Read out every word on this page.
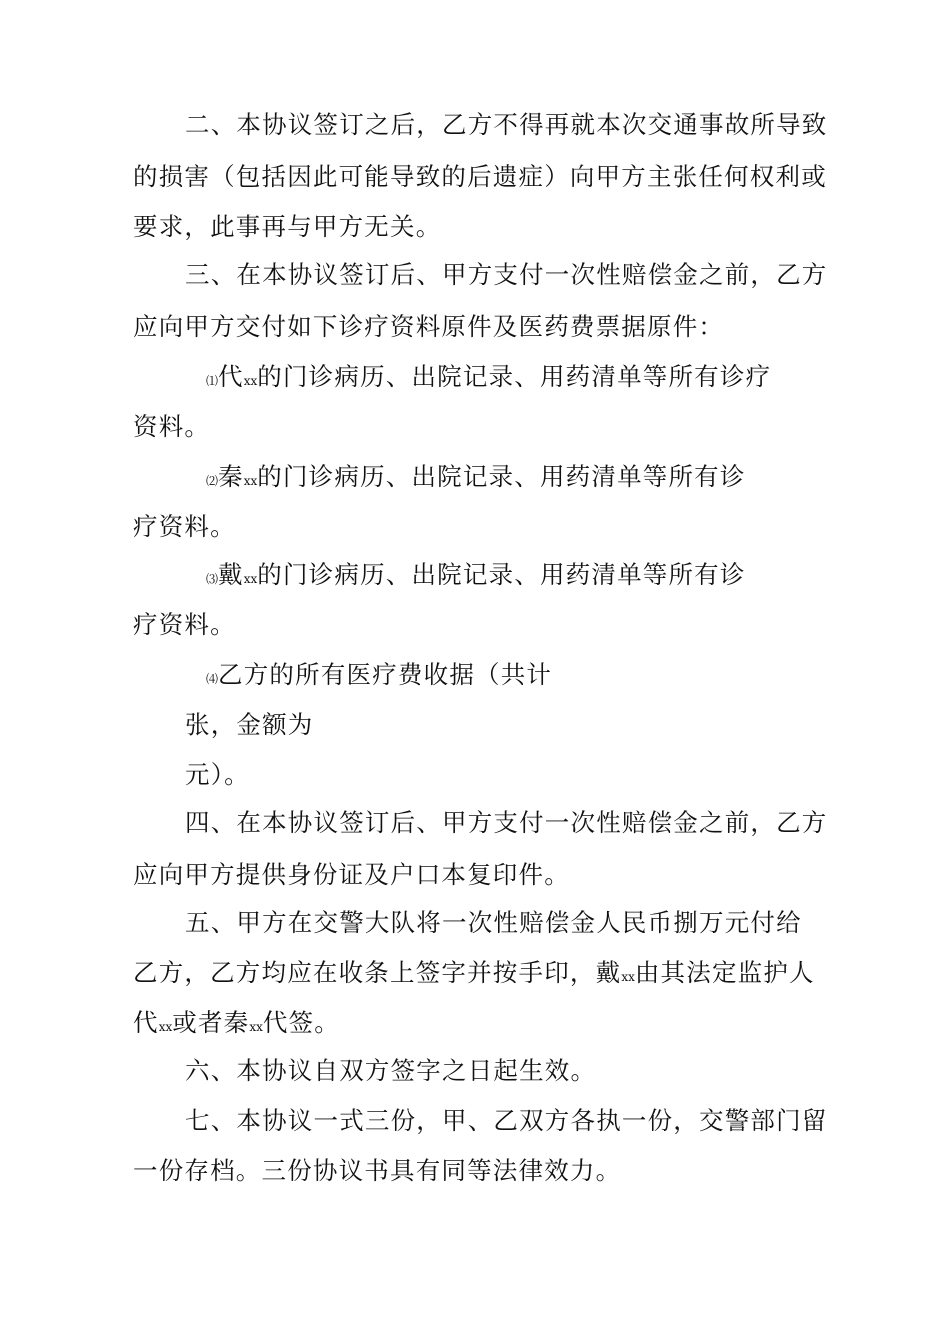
二、本协议签订之后，乙方不得再就本次交通事故所导致
的损害（包括因此可能导致的后遗症）向甲方主张任何权利或
要求，此事再与甲方无关。
三、在本协议签订后、甲方支付一次性赔偿金之前，乙方
应向甲方交付如下诊疗资料原件及医药费票据原件：
⑴代xx的门诊病历、出院记录、用药清单等所有诊疗
资料。
⑵秦xx的门诊病历、出院记录、用药清单等所有诊
疗资料。
⑶戴xx的门诊病历、出院记录、用药清单等所有诊
疗资料。
⑷乙方的所有医疗费收据（共计
张，金额为
元）。
四、在本协议签订后、甲方支付一次性赔偿金之前，乙方
应向甲方提供身份证及户口本复印件。
五、甲方在交警大队将一次性赔偿金人民币捌万元付给
乙方，乙方均应在收条上签字并按手印，戴xx由其法定监护人
代xx或者秦xx代签。
六、本协议自双方签字之日起生效。
七、本协议一式三份，甲、乙双方各执一份，交警部门留
一份存档。三份协议书具有同等法律效力。
